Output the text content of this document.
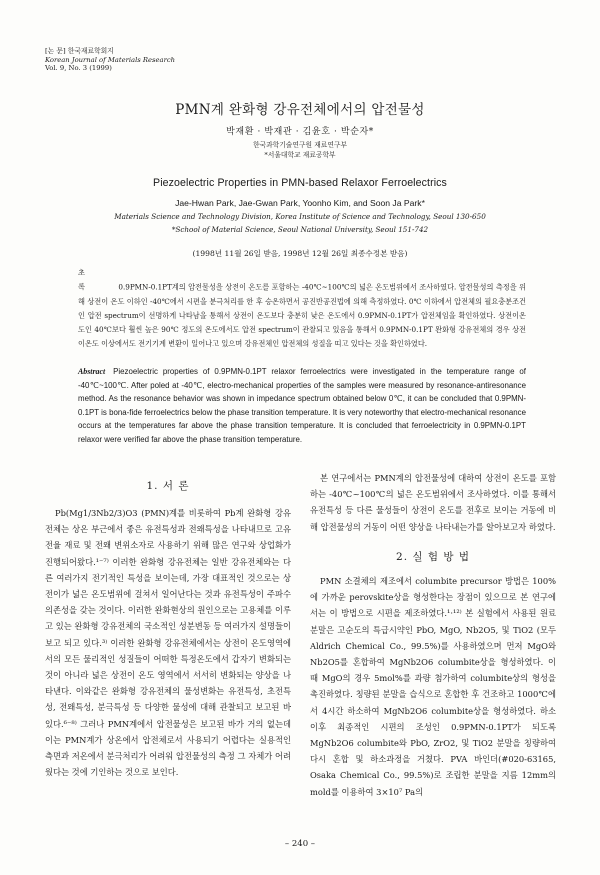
[논 문] 한국재료학회지
Korean Journal of Materials Research
Vol. 9, No. 3 (1999)
PMN계 완화형 강유전체에서의 압전물성
박재환 · 박재관 · 김윤호 · 박순자*
한국과학기술연구원 재료연구부
*서울대학교 재료공학부
Piezoelectric Properties in PMN-based Relaxor Ferroelectrics
Jae-Hwan Park, Jae-Gwan Park, Yoonho Kim, and Soon Ja Park*
Materials Science and Technology Division, Korea Institute of Science and Technology, Seoul 130-650
*School of Material Science, Seoul National University, Seoul 151-742
(1998년 11월 26일 받음, 1998년 12월 26일 최종수정본 받음)
초 록	0.9PMN-0.1PT계의 압전물성을 상전이 온도를 포함하는 -40℃~100℃의 넓은 온도범위에서 조사하였다. 압전물성의 측정을 위해 상전이 온도 이하인 -40℃에서 시편을 분극처리를 한 후 승온하면서 공진반공진법에 의해 측정하였다. 0℃ 이하에서 압전체의 필요충분조건인 압전 spectrum이 선명하게 나타남을 통해서 상전이 온도보다 충분히 낮은 온도에서 0.9PMN-0.1PT가 압전체임을 확인하였다. 상전이온도인 40℃보다 훨씬 높은 90℃ 정도의 온도에서도 압전 spectrum이 관찰되고 있음을 통해서 0.9PMN-0.1PT 완화형 강유전체의 경우 상전이온도 이상에서도 전기기계 변환이 일어나고 있으며 강유전체인 압전체의 성질을 띠고 있다는 것을 확인하였다.
Abstract Piezoelectric properties of 0.9PMN-0.1PT relaxor ferroelectrics were investigated in the temperature range of -40℃~100℃. After poled at -40℃, electro-mechanical properties of the samples were measured by resonance-antiresonance method. As the resonance behavior was shown in impedance spectrum obtained below 0℃, it can be concluded that 0.9PMN-0.1PT is bona-fide ferroelectrics below the phase transition temperature. It is very noteworthy that electro-mechanical resonance occurs at the temperatures far above the phase transition temperature. It is concluded that ferroelectricity in 0.9PMN-0.1PT relaxor were verified far above the phase transition temperature.
1. 서 론

Pb(Mg1/3Nb2/3)O3 (PMN)계를 비롯하여 Pb계 완화형 강유전체는 상온 부근에서 좋은 유전특성과 전왜특성을 나타내므로 고유전율 재료 및 전왜 변위소자로 사용하기 위해 많은 연구와 상업화가 진행되어왔다.¹⁻⁷⁾ 이러한 완화형 강유전체는 일반 강유전체와는 다른 여러가지 전기적인 특성을 보이는데, 가장 대표적인 것으로는 상전이가 넓은 온도범위에 걸쳐서 일어난다는 것과 유전특성이 주파수 의존성을 갖는 것이다. 이러한 완화현상의 원인으로는 고용체를 이루고 있는 완화형 강유전체의 국소적인 성분변동 등 여러가지 설명들이 보고 되고 있다.³⁾ 이러한 완화형 강유전체에서는 상전이 온도영역에서의 모든 물리적인 성질들이 어떠한 특정온도에서 갑자기 변화되는 것이 아니라 넓은 상전이 온도 영역에서 서서히 변화되는 양상을 나타낸다. 이와같은 완화형 강유전체의 물성변화는 유전특성, 초전특성, 전왜특성, 분극특성 등 다양한 물성에 대해 관찰되고 보고된 바 있다.⁶⁻⁸⁾ 그러나 PMN계에서 압전물성은 보고된 바가 거의 없는데 이는 PMN계가 상온에서 압전체로서 사용되기 어렵다는 실용적인 측면과 저온에서 분극처리가 어려워 압전물성의 측정 그 자체가 어려웠다는 것에 기인하는 것으로 보인다.

본 연구에서는 PMN계의 압전물성에 대하여 상전이 온도를 포함하는 -40℃~100℃의 넓은 온도범위에서 조사하였다. 이를 통해서 유전특성 등 다른 물성들이 상전이 온도를 전후로 보이는 거동에 비해 압전물성의 거동이 어떤 양상을 나타내는가를 알아보고자 하였다.

2. 실 험 방 법

PMN 소결체의 제조에서 columbite precursor 방법은 100%에 가까운 perovskite상을 형성한다는 장점이 있으므로 본 연구에서는 이 방법으로 시편을 제조하였다.¹·¹²⁾ 본 실험에서 사용된 원료분말은 고순도의 특급시약인 PbO, MgO, Nb2O5, 및 TiO2 (모두 Aldrich Chemical Co., 99.5%)를 사용하였으며 먼저 MgO와 Nb2O5를 혼합하여 MgNb2O6 columbite상을 형성하였다. 이 때 MgO의 경우 5mol%를 과량 첨가하여 columbite상의 형성을 촉진하였다. 칭량된 분말을 습식으로 혼합한 후 건조하고 1000℃에서 4시간 하소하여 MgNb2O6 columbite상을 형성하였다. 하소 이후 최종적인 시편의 조성인 0.9PMN-0.1PT가 되도록 MgNb2O6 columbite와 PbO, ZrO2, 및 TiO2 분말을 칭량하여 다시 혼합 및 하소과정을 거쳤다. PVA 바인더(#020-63165, Osaka Chemical Co., 99.5%)로 조립한 분말을 지름 12mm의 mold를 이용하여 3×10⁷ Pa의

– 240 –
